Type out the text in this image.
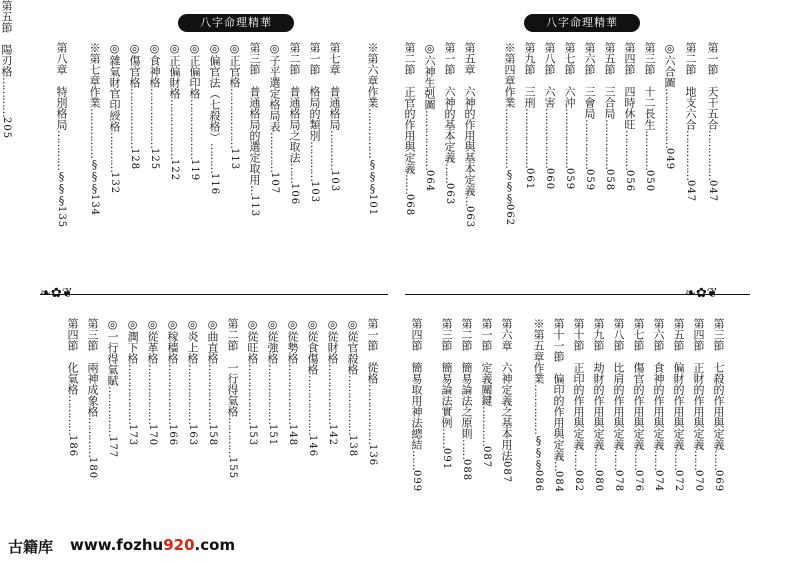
八字命理精華	八字命理精華
❧✿❦	❧✿❦
第一節　天干五合……………047
第二節　地支六合……………047
◎六合圖………………049
第三節　十二長生…………050
第四節　四時休旺…………056
第五節　三合局……………058
第六節　三會局……………059
第七節　六沖………………059
第八節　六害………………060
第九節　三刑………………061
※第四章作業………………§§§062
第五章　六神的作用與基本定義…063
第一節　六神的基本定義……063
◎六神生剋圖………………064
第二節　正官的作用與定義……068
※第六章作業……………§§§101
第七章　普通格局…………103
第一節　格局的類別…………103
第二節　普通格局之取法……106
◎子平選定格局表…………107
第三節　普通格局的選定取用…113
◎正官格………………113
◎偏官法（七殺格）………116
◎正偏印格………………119
◎正偏財格………………122
◎食神格………………125
◎傷官格………………128
◎雜氣財官印綬格…………132
※第七章作業……………§§§134
第八章　特別格局…………§§§135
第三節　七殺的作用與定義……069
第四節　正財的作用與定義……070
第五節　偏財的作用與定義……072
第六節　食神的作用與定義……074
第七節　傷官的作用與定義……076
第八節　比肩的作用與定義……078
第九節　劫財的作用與定義……080
第十節　正印的作用與定義……082
第十一節　偏印的作用與定義…084
※第五章作業……………§§§086
第六章　六神定義之基本用法087
第一節　定義關鍵…………087
第二節　簡易論法之原則……088
第三節　簡易論法實例……091
第四節　簡易取用神法總結……099
第一節　從格………………136
◎從官殺格………………138
◎從財格………………142
◎從食傷格………………146
◎從勢格………………148
◎從強格………………151
◎從旺格………………153
第二節　一行得氣格…………155
◎曲直格………………158
◎炎上格………………163
◎稼穡格………………166
◎從革格………………170
◎潤下格………………173
◎一行得氣賦……………177
第三節　兩神成象格…………180
第四節　化氣格…………186
第五節　陽刃格…………205
古籍库 www.fozhu920.com
